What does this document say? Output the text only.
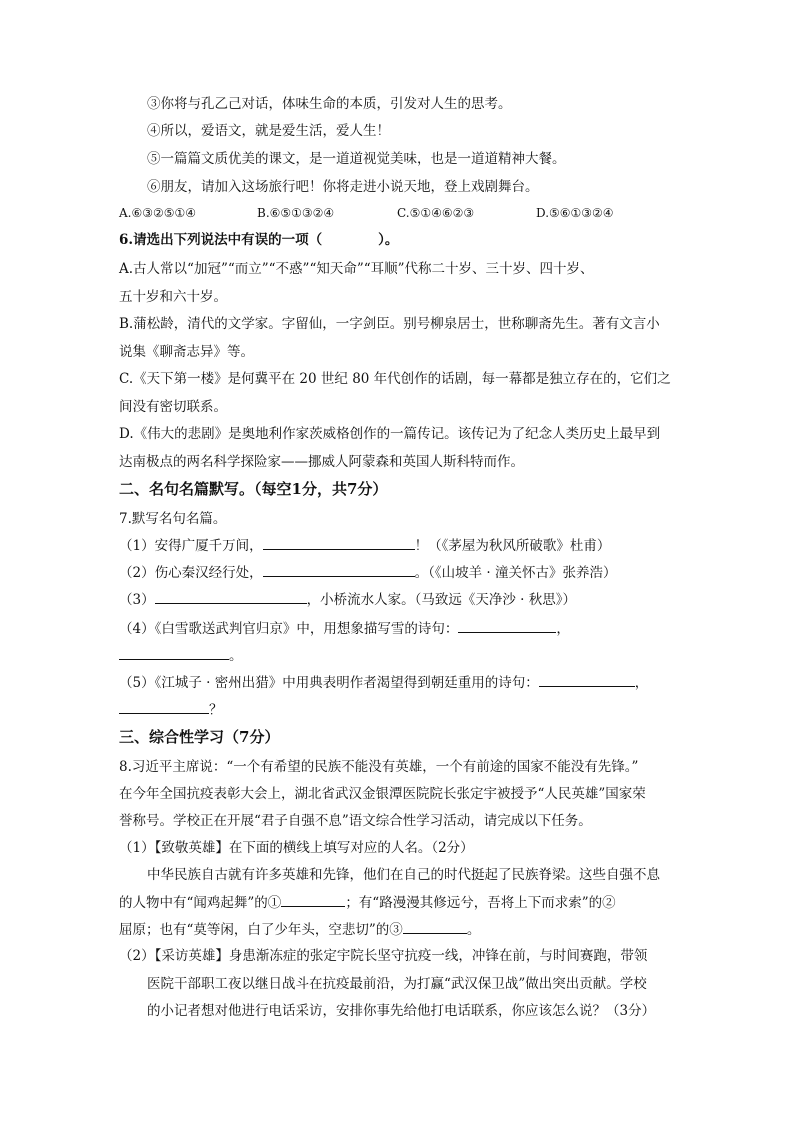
③你将与孔乙己对话，体味生命的本质，引发对人生的思考。
④所以，爱语文，就是爱生活，爱人生！
⑤一篇篇文质优美的课文，是一道道视觉美味，也是一道道精神大餐。
⑥朋友，请加入这场旅行吧！你将走进小说天地，登上戏剧舞台。
A.⑥③②⑤①④	B.⑥⑤①③②④	C.⑤①④⑥②③	D.⑤⑥①③②④
6.请选出下列说法中有误的一项（	）。
A.古人常以“加冠”“而立”“不惑”“知天命”“耳顺”代称二十岁、三十岁、四十岁、
五十岁和六十岁。
B.蒲松龄，清代的文学家。字留仙，一字剑臣。别号柳泉居士，世称聊斋先生。著有文言小
说集《聊斋志异》等。
C.《天下第一楼》是何冀平在 20 世纪 80 年代创作的话剧，每一幕都是独立存在的，它们之
间没有密切联系。
D.《伟大的悲剧》是奥地利作家茨威格创作的一篇传记。该传记为了纪念人类历史上最早到
达南极点的两名科学探险家——挪威人阿蒙森和英国人斯科特而作。
二、名句名篇默写。（每空1分，共7分）
7.默写名句名篇。
（1）安得广厦千万间，	！（《茅屋为秋风所破歌》杜甫）
（2）伤心秦汉经行处，	。（《山坡羊 · 潼关怀古》张养浩）
（3）	，小桥流水人家。（马致远《天净沙 · 秋思》）
（4）《白雪歌送武判官归京》中，用想象描写雪的诗句：	，
。
（5）《江城子 · 密州出猎》中用典表明作者渴望得到朝廷重用的诗句：	，
？
三、综合性学习（7分）
8.习近平主席说：“一个有希望的民族不能没有英雄，一个有前途的国家不能没有先锋。”
在今年全国抗疫表彰大会上，湖北省武汉金银潭医院院长张定宇被授予“人民英雄”国家荣
誉称号。学校正在开展“君子自强不息”语文综合性学习活动，请完成以下任务。
（1）【致敬英雄】在下面的横线上填写对应的人名。（2分）
中华民族自古就有许多英雄和先锋，他们在自己的时代挺起了民族脊梁。这些自强不息
的人物中有“闻鸡起舞”的①	；有“路漫漫其修远兮，吾将上下而求索”的②
屈原；也有“莫等闲，白了少年头，空悲切”的③	。
（2）【采访英雄】身患渐冻症的张定宇院长坚守抗疫一线，冲锋在前，与时间赛跑，带领
医院干部职工夜以继日战斗在抗疫最前沿，为打赢“武汉保卫战”做出突出贡献。学校
的小记者想对他进行电话采访，安排你事先给他打电话联系，你应该怎么说？（3分）
